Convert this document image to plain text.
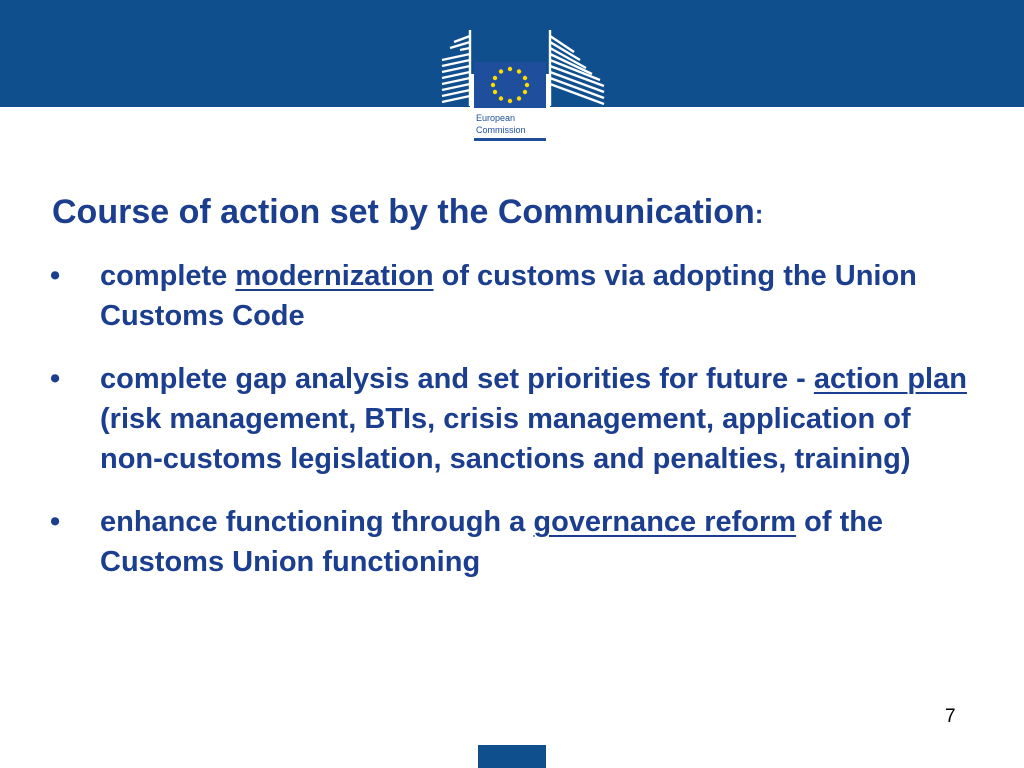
European
Commission
Course of action set by the Communication:
• complete modernization of customs via adopting the Union Customs Code
• complete gap analysis and set priorities for future - action plan (risk management, BTIs, crisis management, application of non-customs legislation, sanctions and penalties, training)
• enhance functioning through a governance reform of the Customs Union functioning
7
